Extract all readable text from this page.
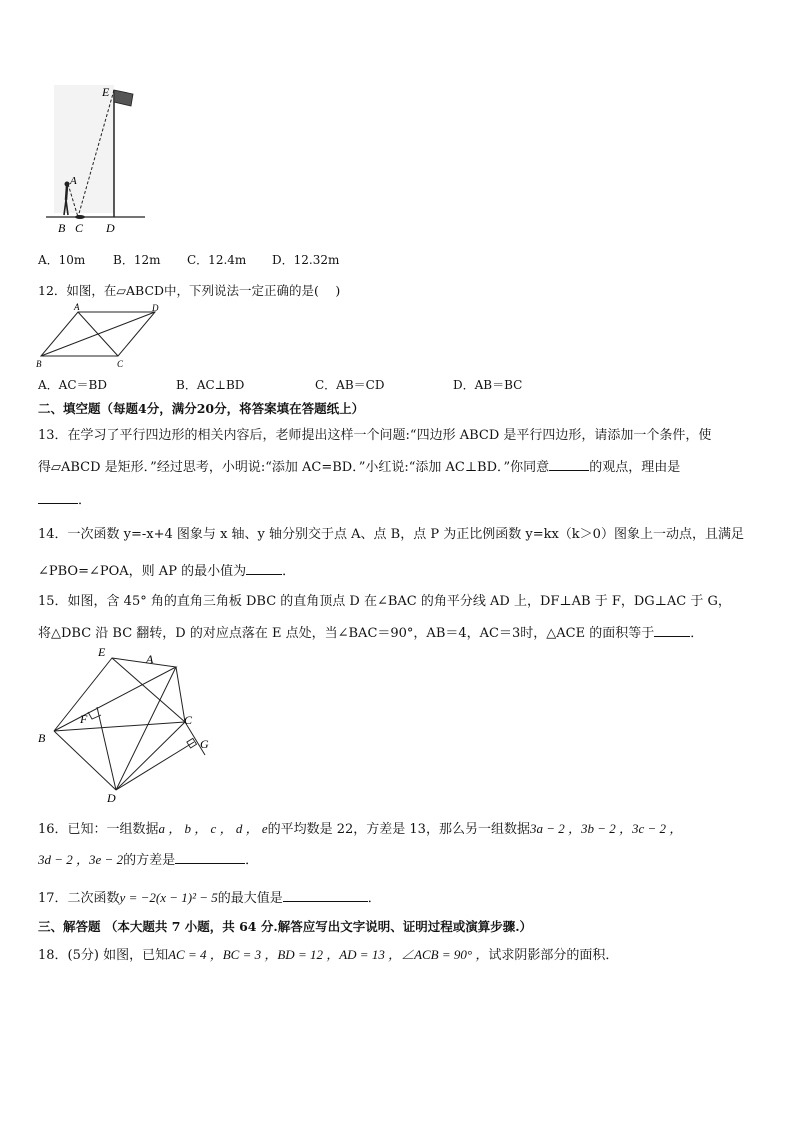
E
A
B C D
A．10m B．12m C．12.4m D．12.32m
12．如图，在▱ABCD中，下列说法一定正确的是(　 )
A	D
B	C
A．AC＝BD	B．AC⊥BD	C．AB＝CD	D．AB＝BC
二、填空题（每题4分，满分20分，将答案填在答题纸上）
13．在学习了平行四边形的相关内容后，老师提出这样一个问题:“四边形 ABCD 是平行四边形，请添加一个条件，使
得▱ABCD 是矩形．”经过思考，小明说:“添加 AC=BD．”小红说:“添加 AC⊥BD．”你同意	的观点，理由是
．
14．一次函数 y=-x+4 图象与 x 轴、y 轴分别交于点 A、点 B，点 P 为正比例函数 y=kx（k＞0）图象上一动点，且满足
∠PBO=∠POA，则 AP 的最小值为	．
15．如图，含 45° 角的直角三角板 DBC 的直角顶点 D 在∠BAC 的角平分线 AD 上，DF⊥AB 于 F，DG⊥AC 于 G，
将△DBC 沿 BC 翻转，D 的对应点落在 E 点处，当∠BAC＝90°，AB＝4，AC＝3时，△ACE 的面积等于	．
E	A
F	C
B	G
D
16．已知：一组数据a ， b ， c ， d ， e的平均数是 22，方差是 13，那么另一组数据3a − 2 ，3b − 2 ，3c − 2 ，
3d − 2 ，3e − 2的方差是	．
17．二次函数y = −2(x − 1)² − 5的最大值是	．
三、解答题 （本大题共 7 小题，共 64 分.解答应写出文字说明、证明过程或演算步骤.）
18．(5分) 如图，已知AC = 4 ，BC = 3 ，BD = 12 ，AD = 13 ，∠ACB = 90° ，试求阴影部分的面积．
